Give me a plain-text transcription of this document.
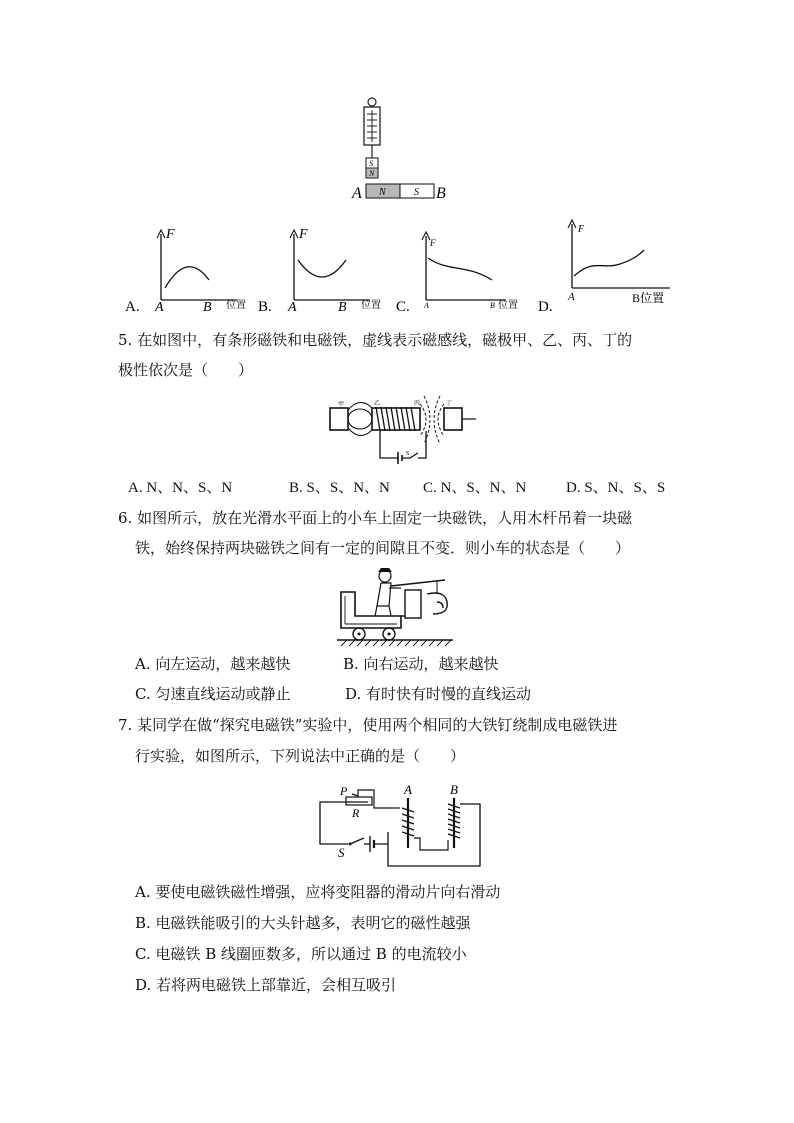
S
N
N	S
A	B
A.
F
A	B 位置 B.
F
A	B 位置 C.
F
A	B 位置 D.
F
A	B位置
5. 在如图中，有条形磁铁和电磁铁，虚线表示磁感线，磁极甲、乙、丙、丁的
极性依次是（　　）
甲	乙	丙	丁
S
A. N、N、S、N	B. S、S、N、N C. N、S、N、N	D. S、N、S、S
6. 如图所示，放在光滑水平面上的小车上固定一块磁铁，人用木杆吊着一块磁
铁，始终保持两块磁铁之间有一定的间隙且不变．则小车的状态是（　　）
A. 向左运动，越来越快	B. 向右运动，越来越快
C. 匀速直线运动或静止	D. 有时快有时慢的直线运动
7. 某同学在做“探究电磁铁”实验中，使用两个相同的大铁钉绕制成电磁铁进
行实验，如图所示，下列说法中正确的是（　　）
S
P
R
A	B
A. 要使电磁铁磁性增强，应将变阻器的滑动片向右滑动
B. 电磁铁能吸引的大头针越多，表明它的磁性越强
C. 电磁铁 B 线圈匝数多，所以通过 B 的电流较小
D. 若将两电磁铁上部靠近，会相互吸引
